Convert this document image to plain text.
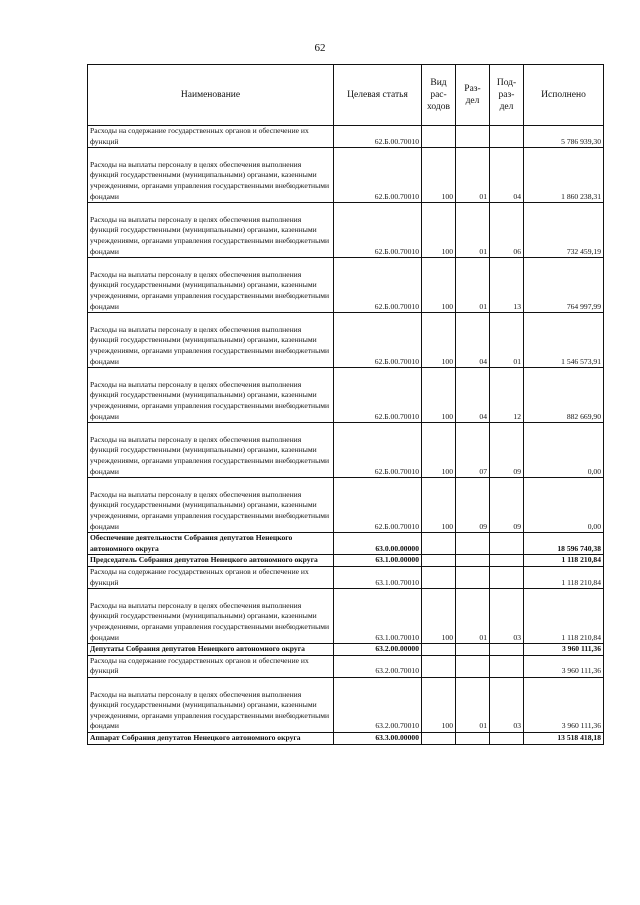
62
Наименование	Целевая статья	Вид рас-ходов	Раз-дел	Под-раз-дел	Исполнено
Расходы на содержание государственных органов и обеспечение их функций	62.Б.00.70010				5 786 939,30
Расходы на выплаты персоналу в целях обеспечения выполнения функций государственными (муниципальными) органами, казенными учреждениями, органами управления государственными внебюджетными фондами	62.Б.00.70010	100	01	04	1 860 238,31
Расходы на выплаты персоналу в целях обеспечения выполнения функций государственными (муниципальными) органами, казенными учреждениями, органами управления государственными внебюджетными фондами	62.Б.00.70010	100	01	06	732 459,19
Расходы на выплаты персоналу в целях обеспечения выполнения функций государственными (муниципальными) органами, казенными учреждениями, органами управления государственными внебюджетными фондами	62.Б.00.70010	100	01	13	764 997,99
Расходы на выплаты персоналу в целях обеспечения выполнения функций государственными (муниципальными) органами, казенными учреждениями, органами управления государственными внебюджетными фондами	62.Б.00.70010	100	04	01	1 546 573,91
Расходы на выплаты персоналу в целях обеспечения выполнения функций государственными (муниципальными) органами, казенными учреждениями, органами управления государственными внебюджетными фондами	62.Б.00.70010	100	04	12	882 669,90
Расходы на выплаты персоналу в целях обеспечения выполнения функций государственными (муниципальными) органами, казенными учреждениями, органами управления государственными внебюджетными фондами	62.Б.00.70010	100	07	09	0,00
Расходы на выплаты персоналу в целях обеспечения выполнения функций государственными (муниципальными) органами, казенными учреждениями, органами управления государственными внебюджетными фондами	62.Б.00.70010	100	09	09	0,00
Обеспечение деятельности Собрания депутатов Ненецкого автономного округа	63.0.00.00000				18 596 740,38
Председатель Собрания депутатов Ненецкого автономного округа	63.1.00.00000				1 118 210,84
Расходы на содержание государственных органов и обеспечение их функций	63.1.00.70010				1 118 210,84
Расходы на выплаты персоналу в целях обеспечения выполнения функций государственными (муниципальными) органами, казенными учреждениями, органами управления государственными внебюджетными фондами	63.1.00.70010	100	01	03	1 118 210,84
Депутаты Собрания депутатов Ненецкого автономного округа	63.2.00.00000				3 960 111,36
Расходы на содержание государственных органов и обеспечение их функций	63.2.00.70010				3 960 111,36
Расходы на выплаты персоналу в целях обеспечения выполнения функций государственными (муниципальными) органами, казенными учреждениями, органами управления государственными внебюджетными фондами	63.2.00.70010	100	01	03	3 960 111,36
Аппарат Собрания депутатов Ненецкого автономного округа	63.3.00.00000				13 518 418,18
